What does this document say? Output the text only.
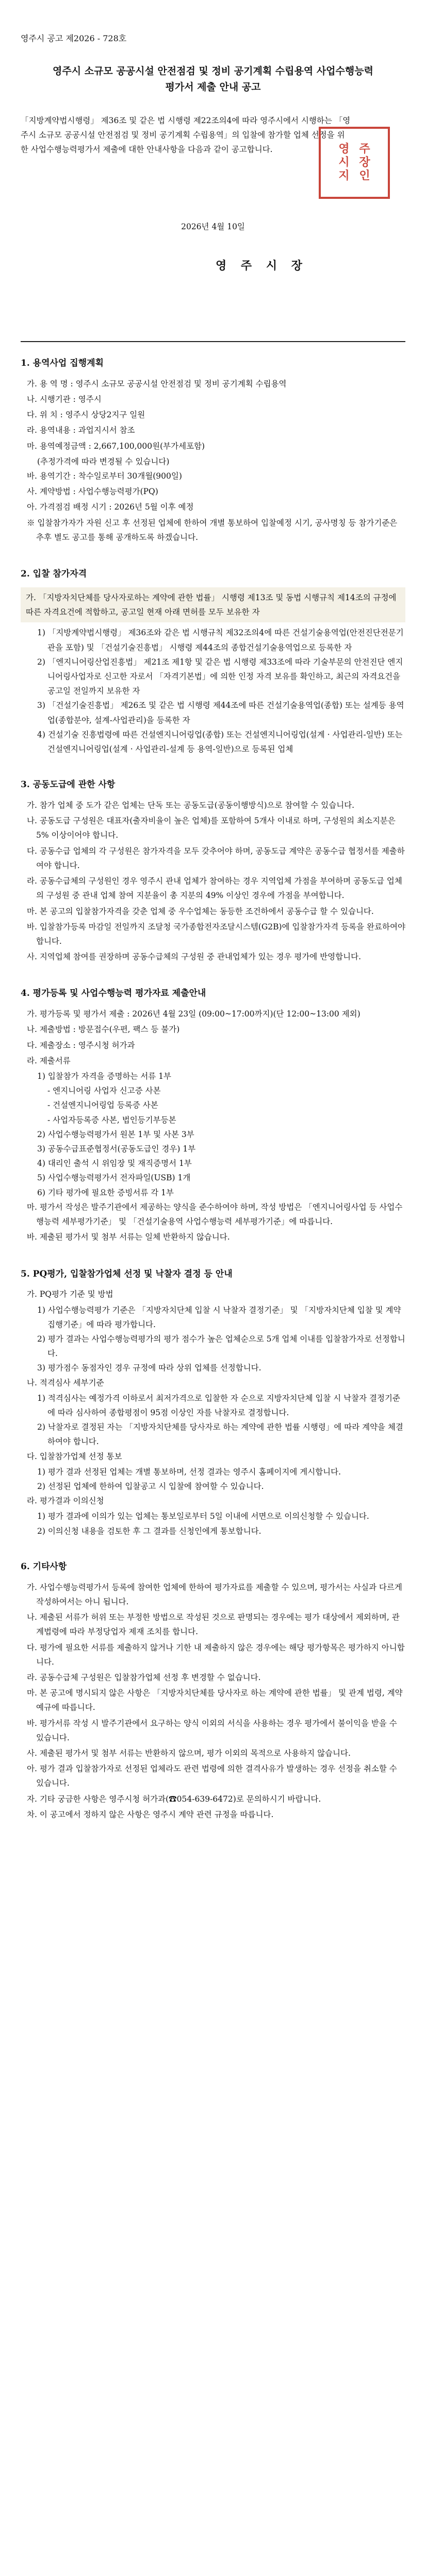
영주시 공고 제2026 - 728호
영주시 소규모 공공시설 안전점검 및 정비 공기계획 수립용역 사업수행능력평가서 제출 안내 공고
「지방계약법시행령」 제36조 및 같은 법 시행령 제22조의4에 따라 영주시에서 시행하는 「영주시 소규모 공공시설 안전점검 및 정비 공기계획 수립용역」의 입찰에 참가할 업체 선정을 위한 사업수행능력평가서 제출에 대한 안내사항을 다음과 같이 공고합니다.
2026년 4월 10일
영 주 시 장
영 주
시 장
지 인
1. 용역사업 집행계획
가. 용 역 명 : 영주시 소규모 공공시설 안전점검 및 정비 공기계획 수립용역
나. 시행기관 : 영주시
다. 위 치 : 영주시 상당2지구 일원
라. 용역내용 : 과업지시서 참조
마. 용역예정금액 : 2,667,100,000원(부가세포함)
(추정가격에 따라 변경될 수 있습니다)
바. 용역기간 : 착수일로부터 30개월(900일)
사. 계약방법 : 사업수행능력평가(PQ)
아. 가격점검 배정 시기 : 2026년 5월 이후 예정
※ 입찰참가자가 자원 신고 후 선정된 업체에 한하여 개별 통보하여 입찰예정 시기, 공사명칭 등 참가기준은 추후 별도 공고를 통해 공개하도록 하겠습니다.
2. 입찰 참가자격
가. 「지방자치단체를 당사자로하는 계약에 관한 법률」 시행령 제13조 및 동법 시행규칙 제14조의 규정에 따른 자격요건에 적합하고, 공고일 현재 아래 면허를 모두 보유한 자
1) 「지방계약법시행령」 제36조와 같은 법 시행규칙 제32조의4에 따른 건설기술용역업(안전진단전문기관을 포함) 및 「건설기술진흥법」 시행령 제44조의 종합건설기술용역업으로 등록한 자
2) 「엔지니어링산업진흥법」 제21조 제1항 및 같은 법 시행령 제33조에 따라 기술부문의 안전진단 엔지니어링사업자로 신고한 자로서 「자격기본법」에 의한 인정 자격 보유를 확인하고, 최근의 자격요건을 공고일 전일까지 보유한 자
3) 「건설기술진흥법」 제26조 및 같은 법 시행령 제44조에 따른 건설기술용역업(종합) 또는 설계등 용역업(종합분야, 설계-사업관리)을 등록한 자
4) 건설기술 진흥법령에 따른 건설엔지니어링업(종합) 또는 건설엔지니어링업(설계 · 사업관리-일반) 또는 건설엔지니어링업(설계 · 사업관리-설계 등 용역-일반)으로 등록된 업체
3. 공동도급에 관한 사항
가. 참가 업체 중 도가 같은 업체는 단독 또는 공동도급(공동이행방식)으로 참여할 수 있습니다.
나. 공동도급 구성원은 대표자(출자비율이 높은 업체)를 포함하여 5개사 이내로 하며, 구성원의 최소지분은 5% 이상이어야 합니다.
다. 공동수급 업체의 각 구성원은 참가자격을 모두 갖추어야 하며, 공동도급 계약은 공동수급 협정서를 제출하여야 합니다.
라. 공동수급체의 구성원인 경우 영주시 관내 업체가 참여하는 경우 지역업체 가점을 부여하며 공동도급 업체의 구성원 중 관내 업체 참여 지분율이 총 지분의 49% 이상인 경우에 가점을 부여합니다.
마. 본 공고의 입찰참가자격을 갖춘 업체 중 우수업체는 동등한 조건하에서 공동수급 할 수 있습니다.
바. 입찰참가등록 마감일 전일까지 조달청 국가종합전자조달시스템(G2B)에 입찰참가자격 등록을 완료하여야 합니다.
사. 지역업체 참여를 권장하며 공동수급체의 구성원 중 관내업체가 있는 경우 평가에 반영합니다.
4. 평가등록 및 사업수행능력 평가자료 제출안내
가. 평가등록 및 평가서 제출 : 2026년 4월 23일 (09:00~17:00까지)(단 12:00~13:00 제외)
나. 제출방법 : 방문접수(우편, 팩스 등 불가)
다. 제출장소 : 영주시청 허가과
라. 제출서류
1) 입찰참가 자격을 증명하는 서류 1부
- 엔지니어링 사업자 신고증 사본
- 건설엔지니어링업 등록증 사본
- 사업자등록증 사본, 법인등기부등본
2) 사업수행능력평가서 원본 1부 및 사본 3부
3) 공동수급표준협정서(공동도급인 경우) 1부
4) 대리인 출석 시 위임장 및 재직증명서 1부
5) 사업수행능력평가서 전자파일(USB) 1개
6) 기타 평가에 필요한 증빙서류 각 1부
마. 평가서 작성은 발주기관에서 제공하는 양식을 준수하여야 하며, 작성 방법은 「엔지니어링사업 등 사업수행능력 세부평가기준」 및 「건설기술용역 사업수행능력 세부평가기준」에 따릅니다.
바. 제출된 평가서 및 첨부 서류는 일체 반환하지 않습니다.
5. PQ평가, 입찰참가업체 선정 및 낙찰자 결정 등 안내
가. PQ평가 기준 및 방법
1) 사업수행능력평가 기준은 「지방자치단체 입찰 시 낙찰자 결정기준」 및 「지방자치단체 입찰 및 계약집행기준」에 따라 평가합니다.
2) 평가 결과는 사업수행능력평가의 평가 점수가 높은 업체순으로 5개 업체 이내를 입찰참가자로 선정합니다.
3) 평가점수 동점자인 경우 규정에 따라 상위 업체를 선정합니다.
나. 적격심사 세부기준
1) 적격심사는 예정가격 이하로서 최저가격으로 입찰한 자 순으로 지방자치단체 입찰 시 낙찰자 결정기준에 따라 심사하여 종합평점이 95점 이상인 자를 낙찰자로 결정합니다.
2) 낙찰자로 결정된 자는 「지방자치단체를 당사자로 하는 계약에 관한 법률 시행령」에 따라 계약을 체결하여야 합니다.
다. 입찰참가업체 선정 통보
1) 평가 결과 선정된 업체는 개별 통보하며, 선정 결과는 영주시 홈페이지에 게시합니다.
2) 선정된 업체에 한하여 입찰공고 시 입찰에 참여할 수 있습니다.
라. 평가결과 이의신청
1) 평가 결과에 이의가 있는 업체는 통보일로부터 5일 이내에 서면으로 이의신청할 수 있습니다.
2) 이의신청 내용을 검토한 후 그 결과를 신청인에게 통보합니다.
6. 기타사항
가. 사업수행능력평가서 등록에 참여한 업체에 한하여 평가자료를 제출할 수 있으며, 평가서는 사실과 다르게 작성하여서는 아니 됩니다.
나. 제출된 서류가 허위 또는 부정한 방법으로 작성된 것으로 판명되는 경우에는 평가 대상에서 제외하며, 관계법령에 따라 부정당업자 제재 조치를 합니다.
다. 평가에 필요한 서류를 제출하지 않거나 기한 내 제출하지 않은 경우에는 해당 평가항목은 평가하지 아니합니다.
라. 공동수급체 구성원은 입찰참가업체 선정 후 변경할 수 없습니다.
마. 본 공고에 명시되지 않은 사항은 「지방자치단체를 당사자로 하는 계약에 관한 법률」 및 관계 법령, 계약예규에 따릅니다.
바. 평가서류 작성 시 발주기관에서 요구하는 양식 이외의 서식을 사용하는 경우 평가에서 불이익을 받을 수 있습니다.
사. 제출된 평가서 및 첨부 서류는 반환하지 않으며, 평가 이외의 목적으로 사용하지 않습니다.
아. 평가 결과 입찰참가자로 선정된 업체라도 관련 법령에 의한 결격사유가 발생하는 경우 선정을 취소할 수 있습니다.
자. 기타 궁금한 사항은 영주시청 허가과(☎054-639-6472)로 문의하시기 바랍니다.
차. 이 공고에서 정하지 않은 사항은 영주시 계약 관련 규정을 따릅니다.
